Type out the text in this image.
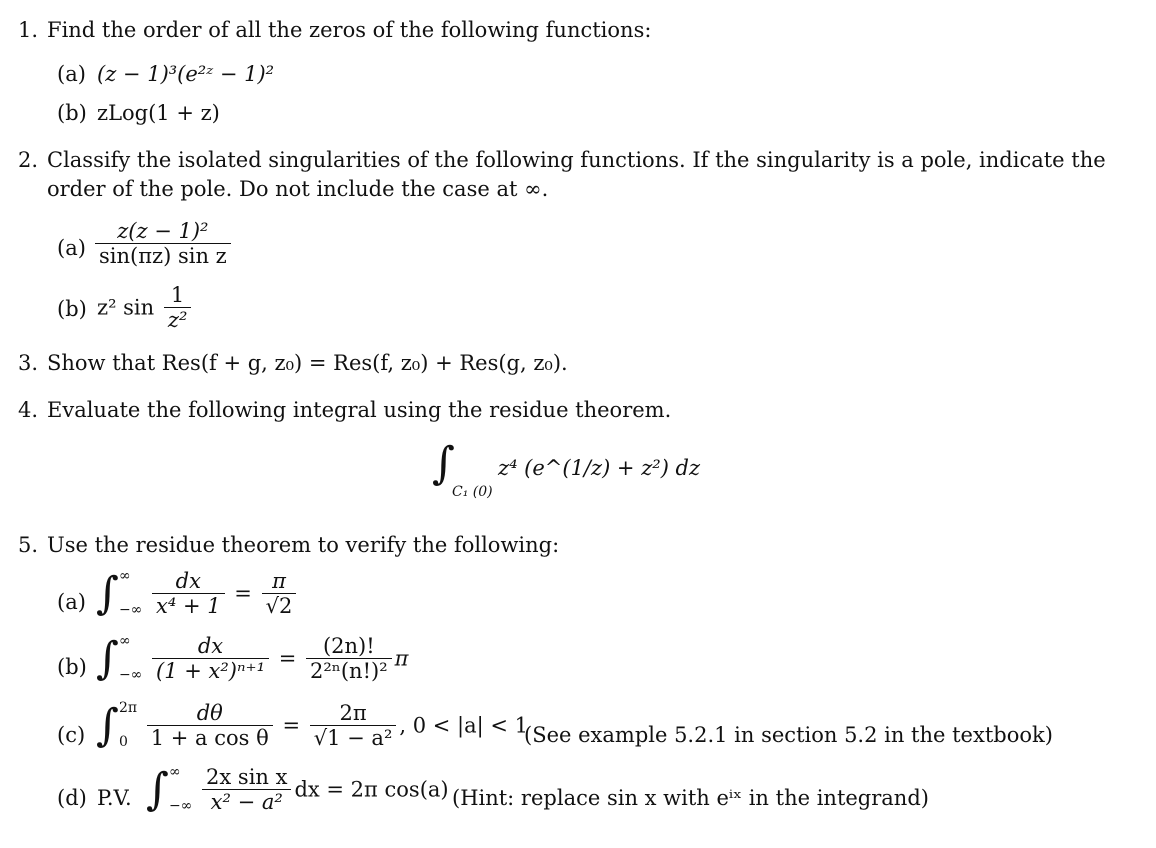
1. Find the order of all the zeros of the following functions:
(a) (z − 1)³(e²ᶻ − 1)²
(b) zLog(1 + z)
2. Classify the isolated singularities of the following functions. If the singularity is a pole, indicate the
order of the pole. Do not include the case at ∞.
$(a) \frac{\text{z(z − 1)²}}{\text{sin(πz) sin z}}$
(b) z² $\sin \frac{1}{\text{z²}}$
3. Show that Res(f + g, z₀) = Res(f, z₀) + Res(g, z₀).
4. Evaluate the following integral using the residue theorem.
∫
C₁ (0)
z⁴ (e^(1/z) + z²) dz
5. Use the residue theorem to verify the following:
(a) ∫ ∞
−∞
$\frac{dx}{\text{x⁴ + 1}} = \frac{\pi}{√2}$
(b) ∫ ∞
−∞
$\frac{dx}{\text{(1 + x²)ⁿ⁺¹}} = \frac{(2n)!}{\text{2²ⁿ(n!)²}}$ π
(c) ∫ 2π
0
$\frac{d\theta}{\text{1 + a cos θ}} = \frac{2\pi}{\text{√1 − a²}}$ , 0 < |a| < 1
(See example 5.2.1 in section 5.2 in the textbook)
(d) P.V. ∫ ∞
−∞
$\frac{\text{2x sin x}}{\text{x² − a²}}$ dx = 2π cos(a) (Hint: replace sin x with eⁱˣ in the integrand)
